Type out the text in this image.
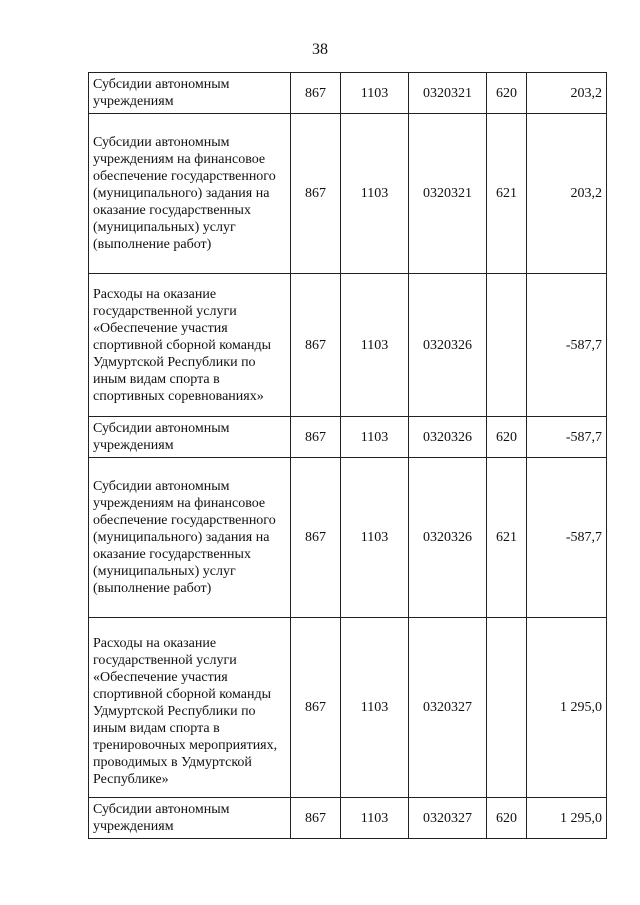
38
Субсидии автономным учреждениям	867	1103	0320321	620	203,2
Субсидии автономным учреждениям на финансовое обеспечение государственного (муниципального) задания на оказание государственных (муниципальных) услуг (выполнение работ)	867	1103	0320321	621	203,2
Расходы на оказание государственной услуги «Обеспечение участия спортивной сборной команды Удмуртской Республики по иным видам спорта в спортивных соревнованиях»	867	1103	0320326		-587,7
Субсидии автономным учреждениям	867	1103	0320326	620	-587,7
Субсидии автономным учреждениям на финансовое обеспечение государственного (муниципального) задания на оказание государственных (муниципальных) услуг (выполнение работ)	867	1103	0320326	621	-587,7
Расходы на оказание государственной услуги «Обеспечение участия спортивной сборной команды Удмуртской Республики по иным видам спорта в тренировочных мероприятиях, проводимых в Удмуртской Республике»	867	1103	0320327		1 295,0
Субсидии автономным учреждениям	867	1103	0320327	620	1 295,0
